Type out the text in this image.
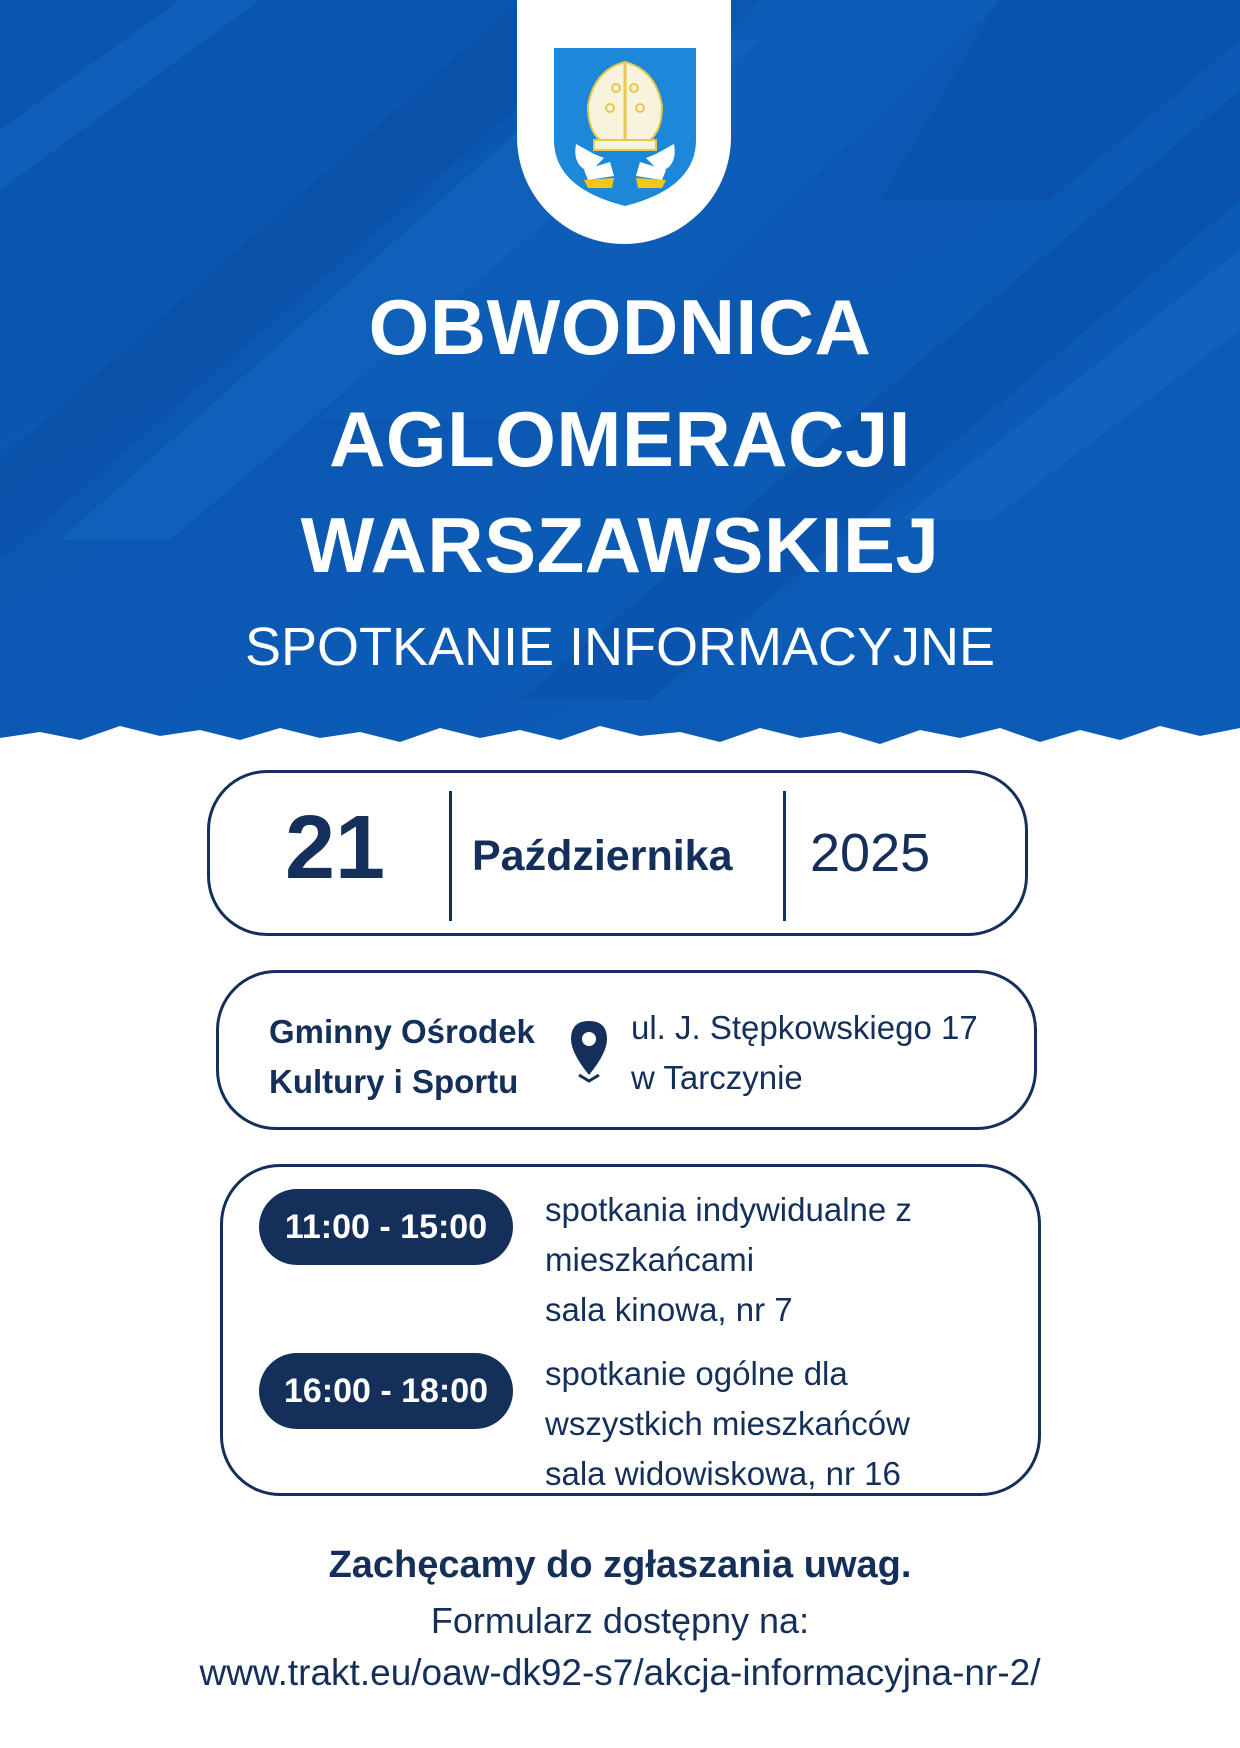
OBWODNICA
AGLOMERACJI
WARSZAWSKIEJ
SPOTKANIE INFORMACYJNE
21	Października 2025
Gminny Ośrodek
Kultury i Sportu
ul. J. Stępkowskiego 17
w Tarczynie
11:00 - 15:00	spotkania indywidualne z
mieszkańcami
sala kinowa, nr 7
16:00 - 18:00	spotkanie ogólne dla
wszystkich mieszkańców
sala widowiskowa, nr 16
Zachęcamy do zgłaszania uwag.
Formularz dostępny na:
www.trakt.eu/oaw-dk92-s7/akcja-informacyjna-nr-2/
